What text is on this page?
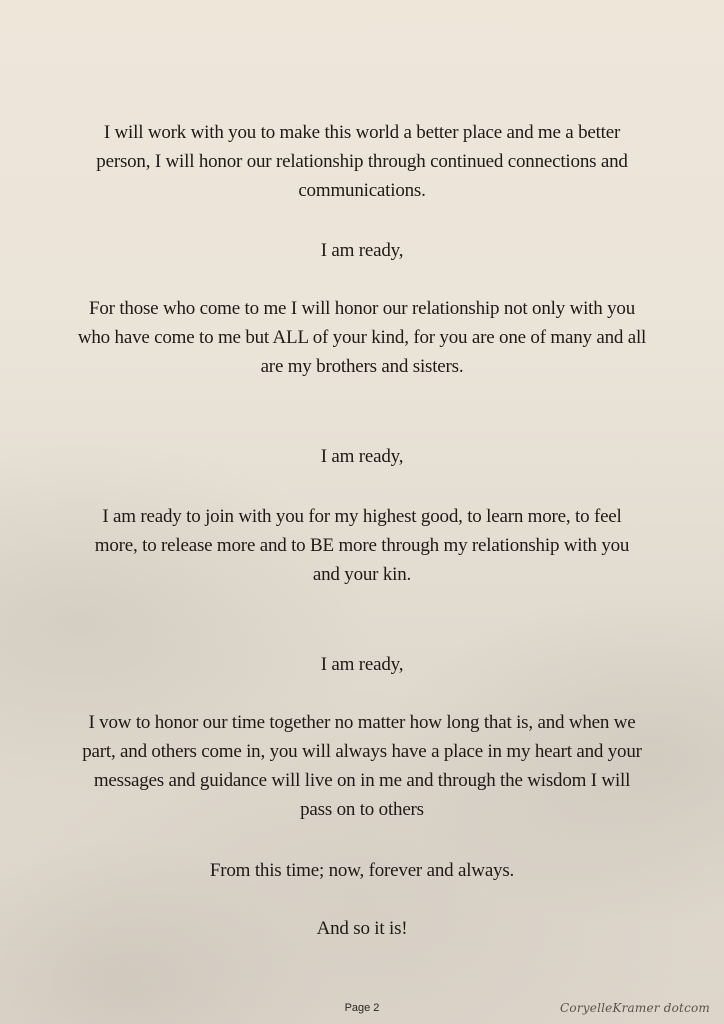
I will work with you to make this world a better place and me a better
person, I will honor our relationship through continued connections and
communications.
I am ready,
For those who come to me I will honor our relationship not only with you
who have come to me but ALL of your kind, for you are one of many and all
are my brothers and sisters.
I am ready,
I am ready to join with you for my highest good, to learn more, to feel
more, to release more and to BE more through my relationship with you
and your kin.
I am ready,
I vow to honor our time together no matter how long that is, and when we
part, and others come in, you will always have a place in my heart and your
messages and guidance will live on in me and through the wisdom I will
pass on to others
From this time; now, forever and always.
And so it is!
Page 2	CoryelleKramer dotcom
